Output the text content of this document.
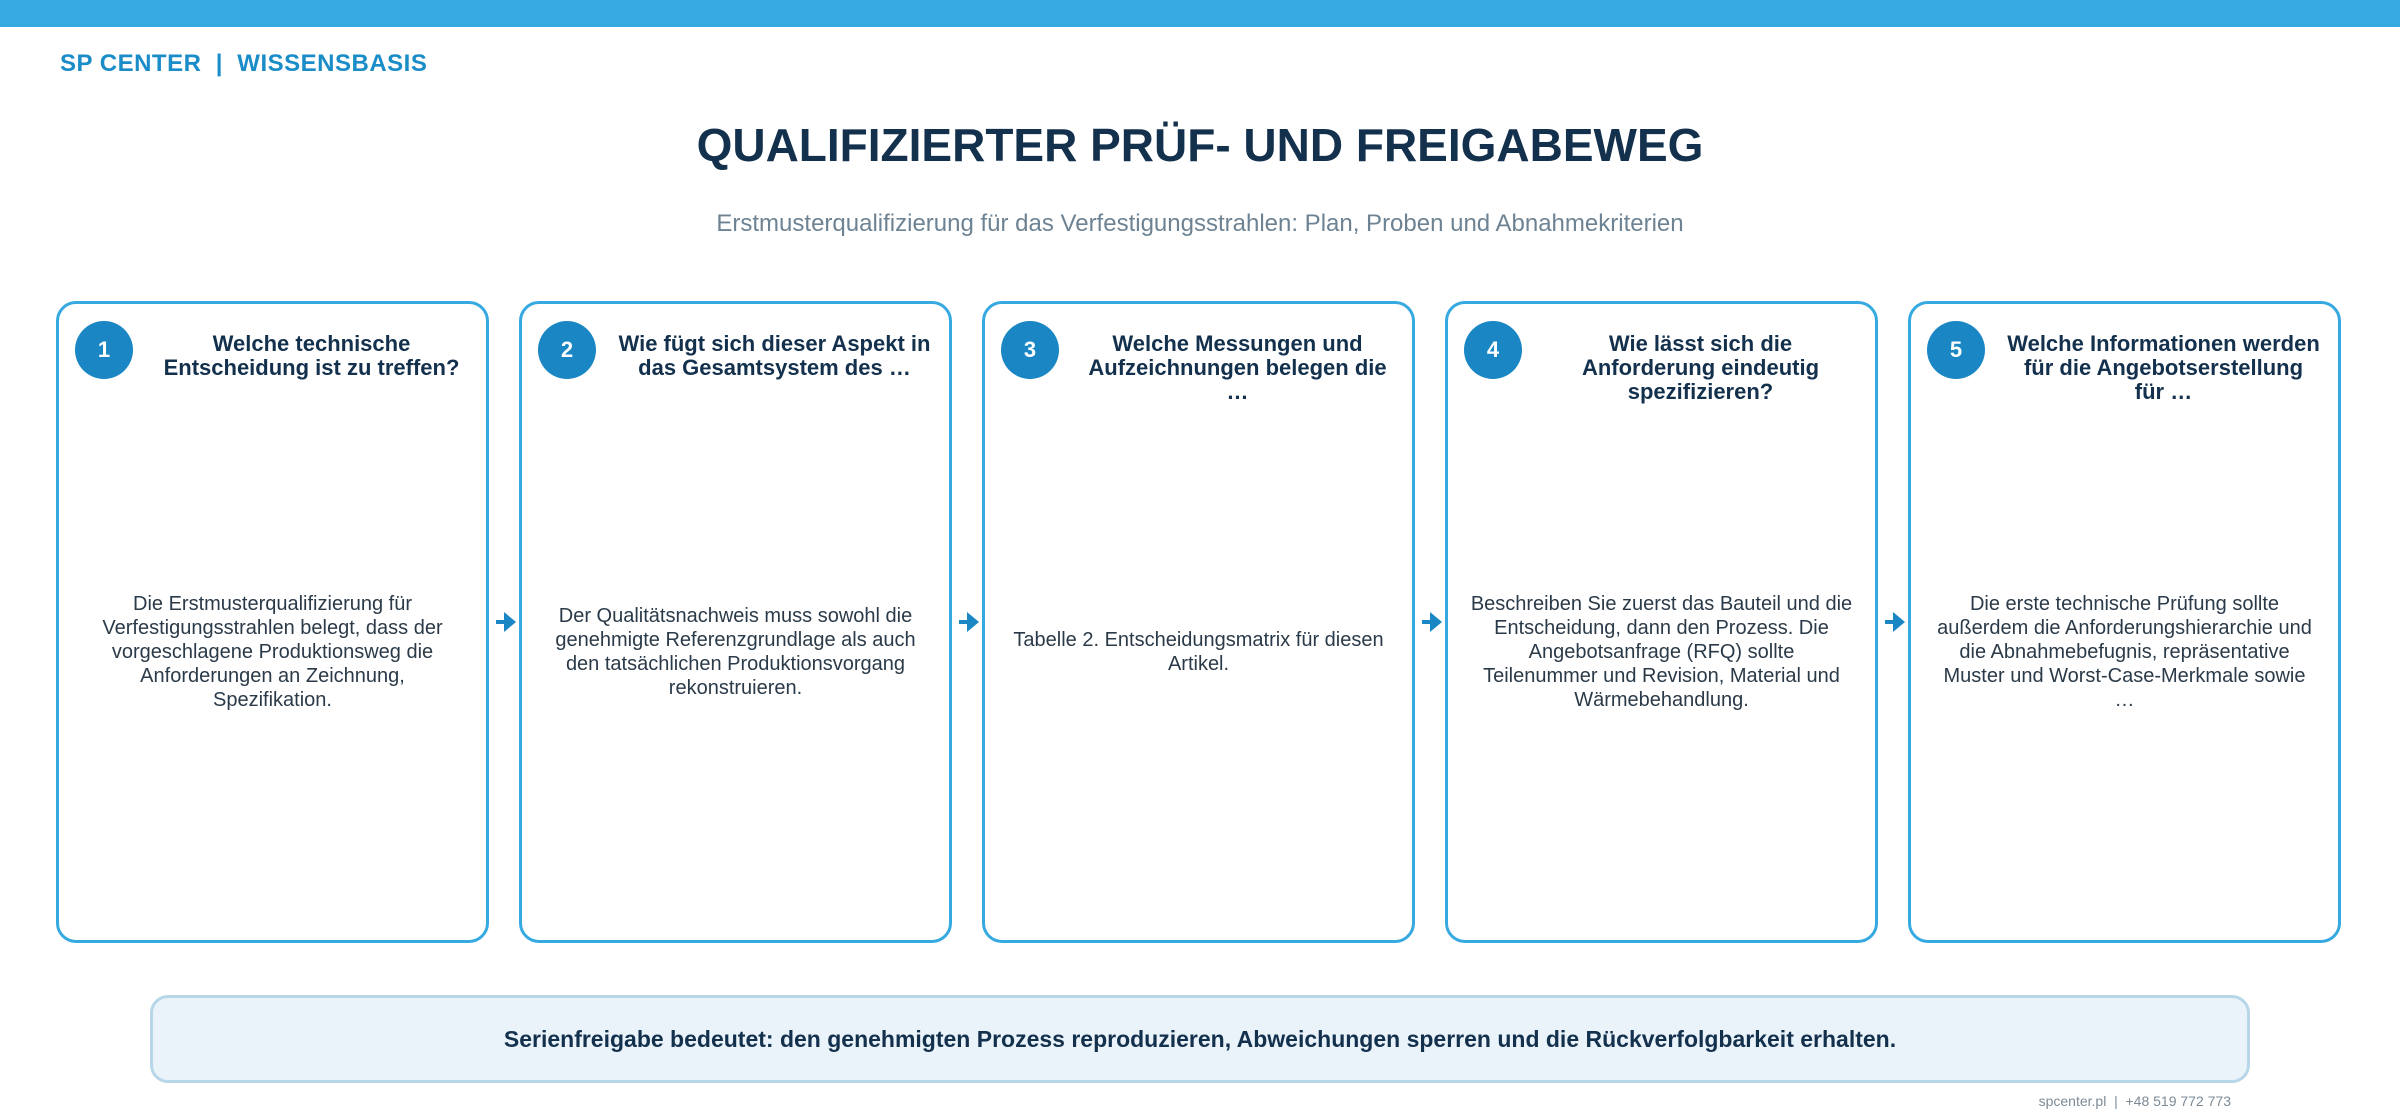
SP CENTER  |  WISSENSBASIS
QUALIFIZIERTER PRÜF- UND FREIGABEWEG
Erstmusterqualifizierung für das Verfestigungsstrahlen: Plan, Proben und Abnahmekriterien
1	Welche technische Entscheidung ist zu treffen?
Die Erstmusterqualifizierung für Verfestigungsstrahlen belegt, dass der vorgeschlagene Produktionsweg die Anforderungen an Zeichnung, Spezifikation.
2	Wie fügt sich dieser Aspekt in das Gesamtsystem des …
Der Qualitätsnachweis muss sowohl die genehmigte Referenzgrundlage als auch den tatsächlichen Produktionsvorgang rekonstruieren.
3	Welche Messungen und Aufzeichnungen belegen die …
Tabelle 2. Entscheidungsmatrix für diesen Artikel.
4	Wie lässt sich die Anforderung eindeutig spezifizieren?
Beschreiben Sie zuerst das Bauteil und die Entscheidung, dann den Prozess. Die Angebotsanfrage (RFQ) sollte Teilenummer und Revision, Material und Wärmebehandlung.
5	Welche Informationen werden für die Angebotserstellung für …
Die erste technische Prüfung sollte außerdem die Anforderungshierarchie und die Abnahmebefugnis, repräsentative Muster und Worst-Case-Merkmale sowie …
Serienfreigabe bedeutet: den genehmigten Prozess reproduzieren, Abweichungen sperren und die Rückverfolgbarkeit erhalten.
spcenter.pl  |  +48 519 772 773
